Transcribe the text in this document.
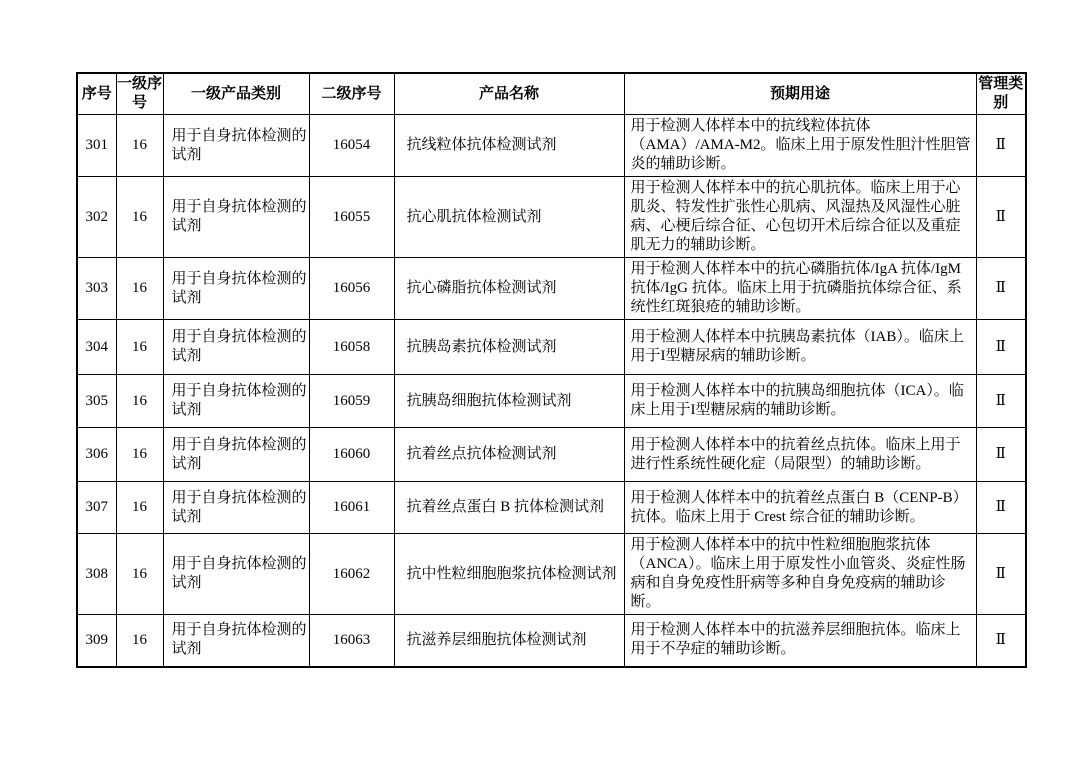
序号	一级序号	一级产品类别	二级序号	产品名称	预期用途	管理类别
301	16	用于自身抗体检测的试剂	16054	抗线粒体抗体检测试剂	用于检测人体样本中的抗线粒体抗体（AMA）/AMA-M2。临床上用于原发性胆汁性胆管炎的辅助诊断。	Ⅱ
302	16	用于自身抗体检测的试剂	16055	抗心肌抗体检测试剂	用于检测人体样本中的抗心肌抗体。临床上用于心肌炎、特发性扩张性心肌病、风湿热及风湿性心脏病、心梗后综合征、心包切开术后综合征以及重症肌无力的辅助诊断。	Ⅱ
303	16	用于自身抗体检测的试剂	16056	抗心磷脂抗体检测试剂	用于检测人体样本中的抗心磷脂抗体/IgA 抗体/IgM 抗体/IgG 抗体。临床上用于抗磷脂抗体综合征、系统性红斑狼疮的辅助诊断。	Ⅱ
304	16	用于自身抗体检测的试剂	16058	抗胰岛素抗体检测试剂	用于检测人体样本中抗胰岛素抗体（IAB）。临床上用于I型糖尿病的辅助诊断。	Ⅱ
305	16	用于自身抗体检测的试剂	16059	抗胰岛细胞抗体检测试剂	用于检测人体样本中的抗胰岛细胞抗体（ICA）。临床上用于I型糖尿病的辅助诊断。	Ⅱ
306	16	用于自身抗体检测的试剂	16060	抗着丝点抗体检测试剂	用于检测人体样本中的抗着丝点抗体。临床上用于进行性系统性硬化症（局限型）的辅助诊断。	Ⅱ
307	16	用于自身抗体检测的试剂	16061	抗着丝点蛋白 B 抗体检测试剂	用于检测人体样本中的抗着丝点蛋白 B（CENP-B）抗体。临床上用于 Crest 综合征的辅助诊断。	Ⅱ
308	16	用于自身抗体检测的试剂	16062	抗中性粒细胞胞浆抗体检测试剂	用于检测人体样本中的抗中性粒细胞胞浆抗体（ANCA）。临床上用于原发性小血管炎、炎症性肠病和自身免疫性肝病等多种自身免疫病的辅助诊断。	Ⅱ
309	16	用于自身抗体检测的试剂	16063	抗滋养层细胞抗体检测试剂	用于检测人体样本中的抗滋养层细胞抗体。临床上用于不孕症的辅助诊断。	Ⅱ
